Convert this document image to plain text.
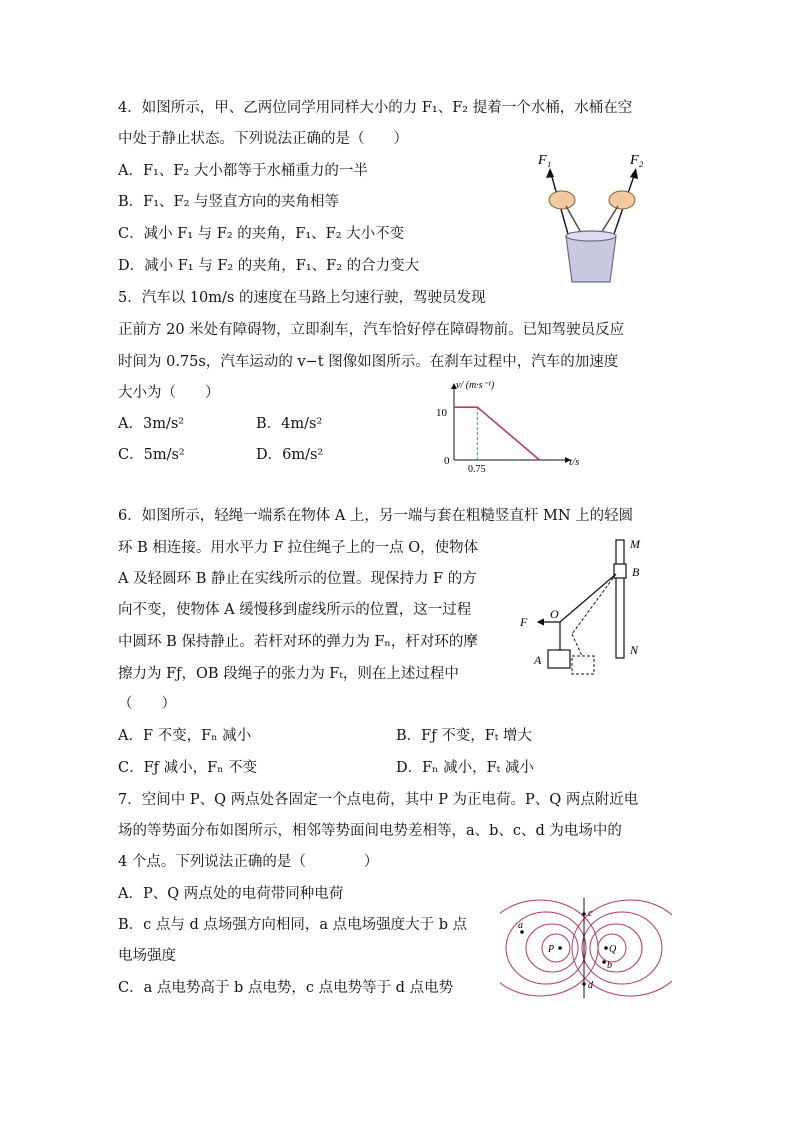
4．如图所示，甲、乙两位同学用同样大小的力 F₁、F₂ 提着一个水桶，水桶在空
中处于静止状态。下列说法正确的是（　　）
A．F₁、F₂ 大小都等于水桶重力的一半
B．F₁、F₂ 与竖直方向的夹角相等
C．减小 F₁ 与 F₂ 的夹角，F₁、F₂ 大小不变
D．减小 F₁ 与 F₂ 的夹角，F₁、F₂ 的合力变大
F₁	F₂
5．汽车以 10m/s 的速度在马路上匀速行驶，驾驶员发现
正前方 20 米处有障碍物，立即刹车，汽车恰好停在障碍物前。已知驾驶员反应
时间为 0.75s，汽车运动的 v−t 图像如图所示。在刹车过程中，汽车的加速度
大小为（　　）
A．3m/s²	B．4m/s²
C．5m/s²	D．6m/s²
v/ (m·s⁻¹)
t/s
10
0.75
0
6．如图所示，轻绳一端系在物体 A 上，另一端与套在粗糙竖直杆 MN 上的轻圆
环 B 相连接。用水平力 F 拉住绳子上的一点 O，使物体
A 及轻圆环 B 静止在实线所示的位置。现保持力 F 的方
向不变，使物体 A 缓慢移到虚线所示的位置，这一过程
中圆环 B 保持静止。若杆对环的弹力为 Fₙ，杆对环的摩
擦力为 Fƒ，OB 段绳子的张力为 Fₜ，则在上述过程中
（　　）
A．F 不变，Fₙ 减小	B．Fƒ 不变，Fₜ 增大
C．Fƒ 减小，Fₙ 不变	D．Fₙ 减小，Fₜ 减小
M
B
N
O
F
A
7．空间中 P、Q 两点处各固定一个点电荷，其中 P 为正电荷。P、Q 两点附近电
场的等势面分布如图所示，相邻等势面间电势差相等，a、b、c、d 为电场中的
4 个点。下列说法正确的是（　　　　）
A．P、Q 两点处的电荷带同种电荷
B．c 点与 d 点场强方向相同，a 点电场强度大于 b 点
电场强度
C．a 点电势高于 b 点电势，c 点电势等于 d 点电势
a
c
d
P	Q
b
